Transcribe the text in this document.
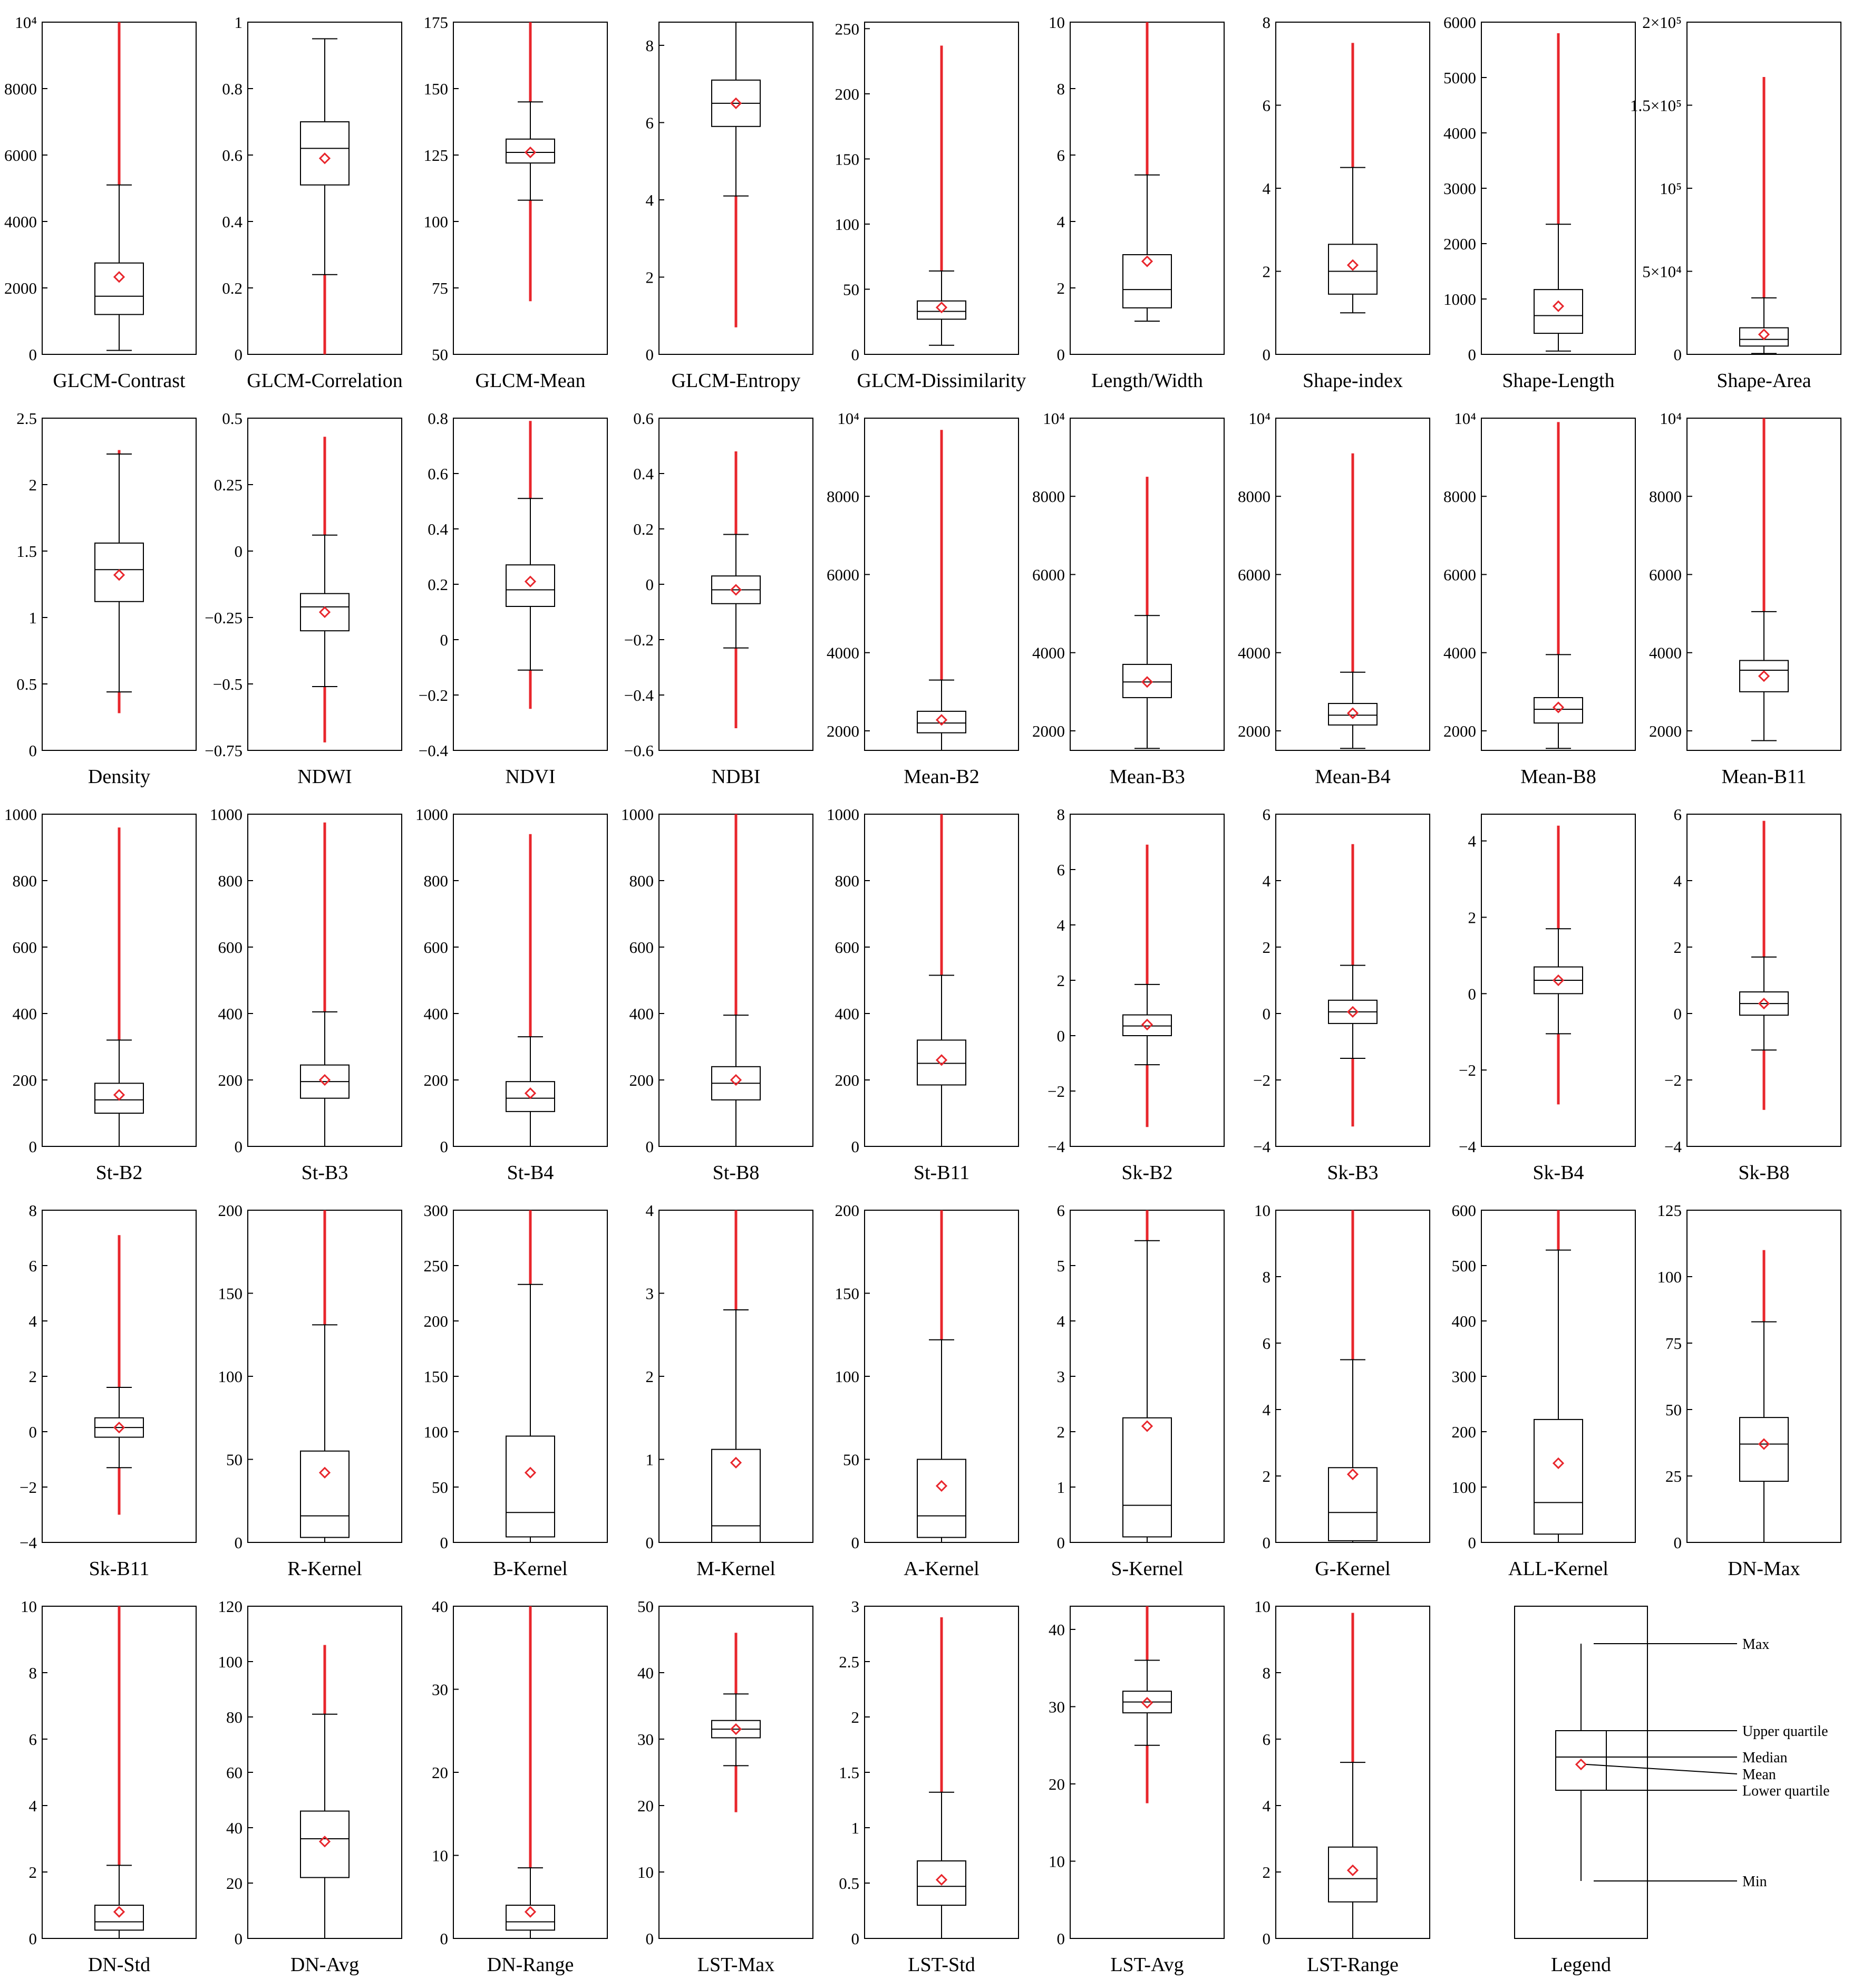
0
2000
4000
6000
8000
10⁴
GLCM-Contrast
0
0.2
0.4
0.6
0.8
1
GLCM-Correlation
50
75
100
125
150
175
GLCM-Mean
0
2
4
6
8
GLCM-Entropy
0
50
100
150
200
250
GLCM-Dissimilarity
0
2
4
6
8
10
Length/Width
0
2
4
6
8
Shape-index
0
1000
2000
3000
4000
5000
6000
Shape-Length
0
5×10⁴
10⁵
1.5×10⁵
2×10⁵
Shape-Area
0
0.5
1
1.5
2
2.5
Density
−0.75
−0.5
−0.25
0
0.25
0.5
NDWI
−0.4
−0.2
0
0.2
0.4
0.6
0.8
NDVI
−0.6
−0.4
−0.2
0
0.2
0.4
0.6
NDBI
2000
4000
6000
8000
10⁴
Mean-B2
2000
4000
6000
8000
10⁴
Mean-B3
2000
4000
6000
8000
10⁴
Mean-B4
2000
4000
6000
8000
10⁴
Mean-B8
2000
4000
6000
8000
10⁴
Mean-B11
0
200
400
600
800
1000
St-B2
0
200
400
600
800
1000
St-B3
0
200
400
600
800
1000
St-B4
0
200
400
600
800
1000
St-B8
0
200
400
600
800
1000
St-B11
−4
−2
0
2
4
6
8
Sk-B2
−4
−2
0
2
4
6
Sk-B3
−4
−2
0
2
4
Sk-B4
−4
−2
0
2
4
6
Sk-B8
−4
−2
0
2
4
6
8
Sk-B11
0
50
100
150
200
R-Kernel
0
50
100
150
200
250
300
B-Kernel
0
1
2
3
4
M-Kernel
0
50
100
150
200
A-Kernel
0
1
2
3
4
5
6
S-Kernel
0
2
4
6
8
10
G-Kernel
0
100
200
300
400
500
600
ALL-Kernel
0
25
50
75
100
125
DN-Max
0
2
4
6
8
10
DN-Std
0
20
40
60
80
100
120
DN-Avg
0
10
20
30
40
DN-Range
0
10
20
30
40
50
LST-Max
0
0.5
1
1.5
2
2.5
3
LST-Std
0
10
20
30
40
LST-Avg
0
2
4
6
8
10
LST-Range
Max
Upper quartile
Median
Mean
Lower quartile
Min
Legend
